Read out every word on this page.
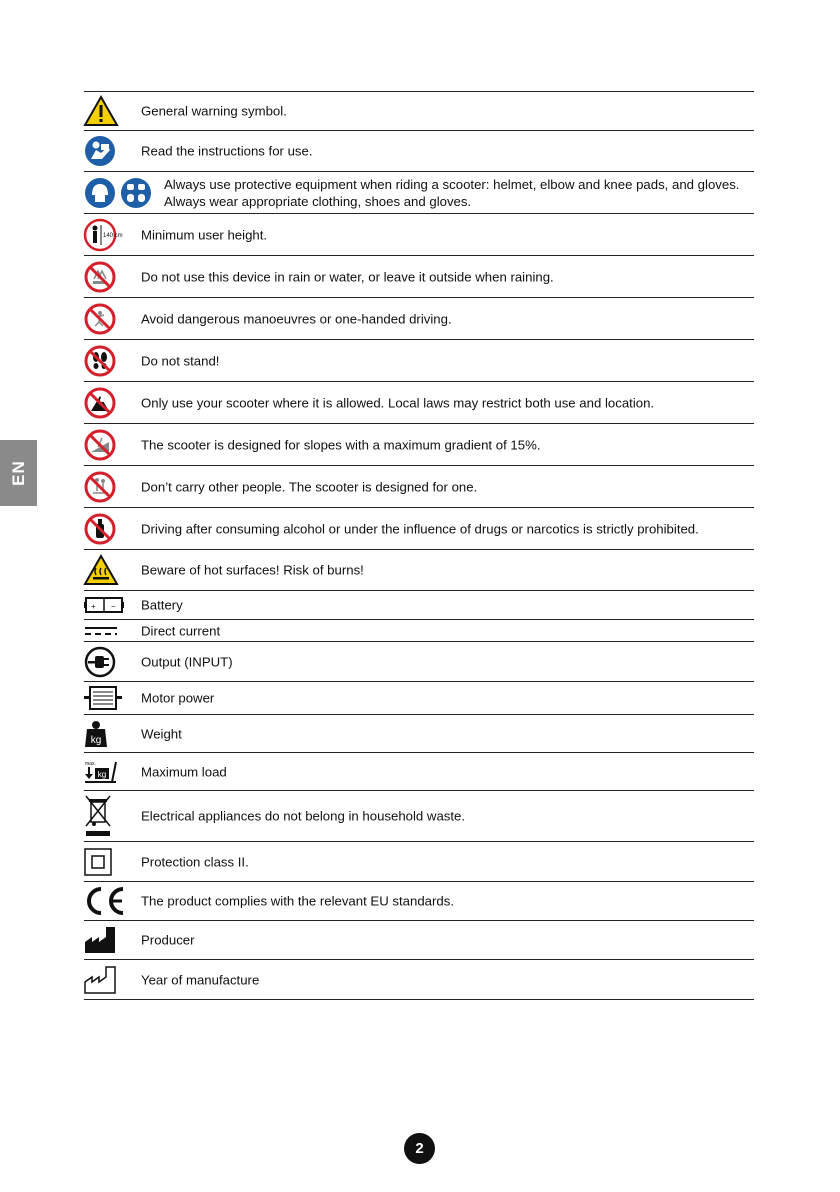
EN
General warning symbol.
Read the instructions for use.
Always use protective equipment when riding a scooter: helmet, elbow and knee pads, and gloves. Always wear appropriate clothing, shoes and gloves.
140 cm Minimum user height.
Do not use this device in rain or water, or leave it outside when raining.
Avoid dangerous manoeuvres or one-handed driving.
Do not stand!
Only use your scooter where it is allowed. Local laws may restrict both use and location.
The scooter is designed for slopes with a maximum gradient of 15%.
Don’t carry other people. The scooter is designed for one.
Driving after consuming alcohol or under the influence of drugs or narcotics is strictly prohibited.
Beware of hot surfaces! Risk of burns!
+ − Battery
Direct current
Output (INPUT)
Motor power
kg	Weight
max.
kg	Maximum load
Electrical appliances do not belong in household waste.
Protection class II.
The product complies with the relevant EU standards.
Producer
Year of manufacture
2
